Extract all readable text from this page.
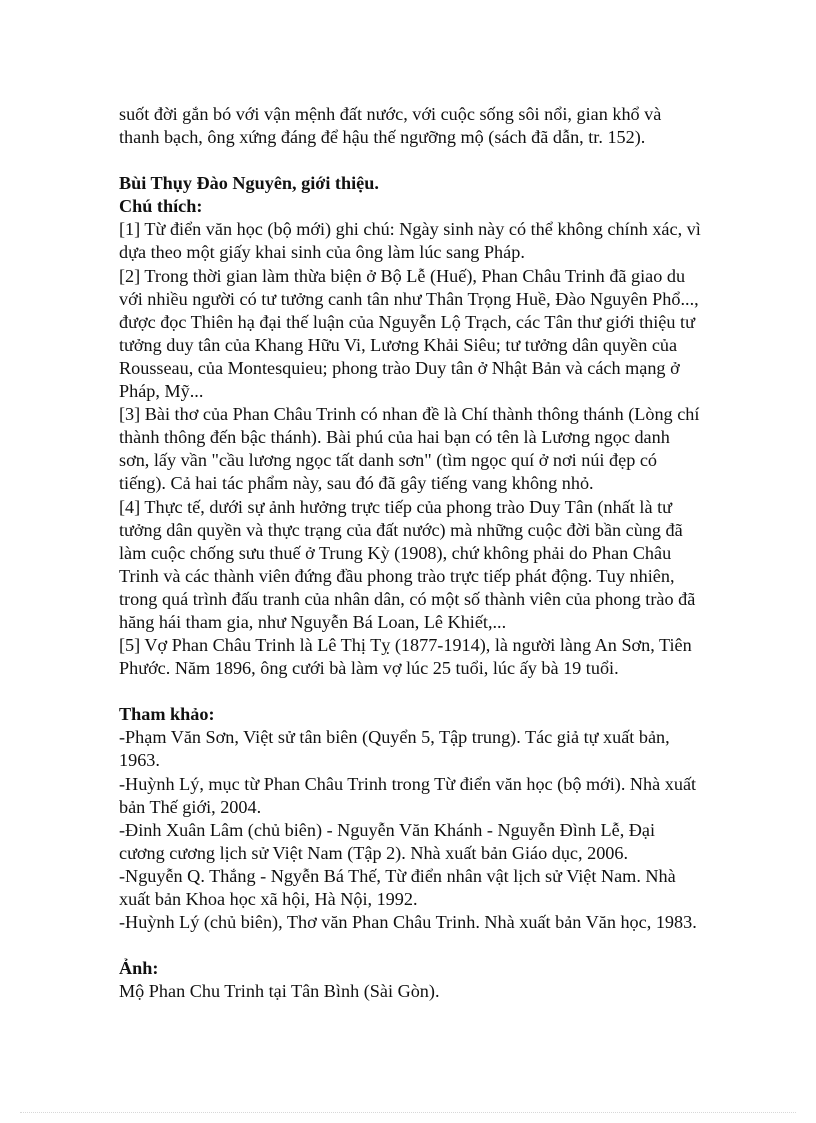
suốt đời gắn bó với vận mệnh đất nước, với cuộc sống sôi nổi, gian khổ và

thanh bạch, ông xứng đáng để hậu thế ngưỡng mộ (sách đã dẫn, tr. 152).

Bùi Thụy Đào Nguyên, giới thiệu.

Chú thích:

[1] Từ điển văn học (bộ mới) ghi chú: Ngày sinh này có thể không chính xác, vì dựa theo một giấy khai sinh của ông làm lúc sang Pháp.

[2] Trong thời gian làm thừa biện ở Bộ Lễ (Huế), Phan Châu Trinh đã giao du với nhiều người có tư tưởng canh tân như Thân Trọng Huề, Đào Nguyên Phổ..., được đọc Thiên hạ đại thế luận của Nguyễn Lộ Trạch, các Tân thư giới thiệu tư tưởng duy tân của Khang Hữu Vi, Lương Khải Siêu; tư tưởng dân quyền của Rousseau, của Montesquieu; phong trào Duy tân ở Nhật Bản và cách mạng ở Pháp, Mỹ...

[3] Bài thơ của Phan Châu Trinh có nhan đề là Chí thành thông thánh (Lòng chí thành thông đến bậc thánh). Bài phú của hai bạn có tên là Lương ngọc danh sơn, lấy vần "cầu lương ngọc tất danh sơn" (tìm ngọc quí ở nơi núi đẹp có tiếng). Cả hai tác phẩm này, sau đó đã gây tiếng vang không nhỏ.

[4] Thực tế, dưới sự ảnh hưởng trực tiếp của phong trào Duy Tân (nhất là tư tưởng dân quyền và thực trạng của đất nước) mà những cuộc đời bần cùng đã làm cuộc chống sưu thuế ở Trung Kỳ (1908), chứ không phải do Phan Châu Trinh và các thành viên đứng đầu phong trào trực tiếp phát động. Tuy nhiên, trong quá trình đấu tranh của nhân dân, có một số thành viên của phong trào đã hăng hái tham gia, như Nguyễn Bá Loan, Lê Khiết,...

[5] Vợ Phan Châu Trinh là Lê Thị Tỵ (1877-1914), là người làng An Sơn, Tiên Phước. Năm 1896, ông cưới bà làm vợ lúc 25 tuổi, lúc ấy bà 19 tuổi.

Tham khảo:

-Phạm Văn Sơn, Việt sử tân biên (Quyển 5, Tập trung). Tác giả tự xuất bản, 1963.

-Huỳnh Lý, mục từ Phan Châu Trinh trong Từ điển văn học (bộ mới). Nhà xuất bản Thế giới, 2004.

-Đinh Xuân Lâm (chủ biên) - Nguyễn Văn Khánh - Nguyễn Đình Lễ, Đại cương cương lịch sử Việt Nam (Tập 2). Nhà xuất bản Giáo dục, 2006.

-Nguyễn Q. Thắng - Ngyễn Bá Thế, Từ điển nhân vật lịch sử Việt Nam. Nhà xuất bản Khoa học xã hội, Hà Nội, 1992.

-Huỳnh Lý (chủ biên), Thơ văn Phan Châu Trinh. Nhà xuất bản Văn học, 1983.

Ảnh:

Mộ Phan Chu Trinh tại Tân Bình (Sài Gòn).
